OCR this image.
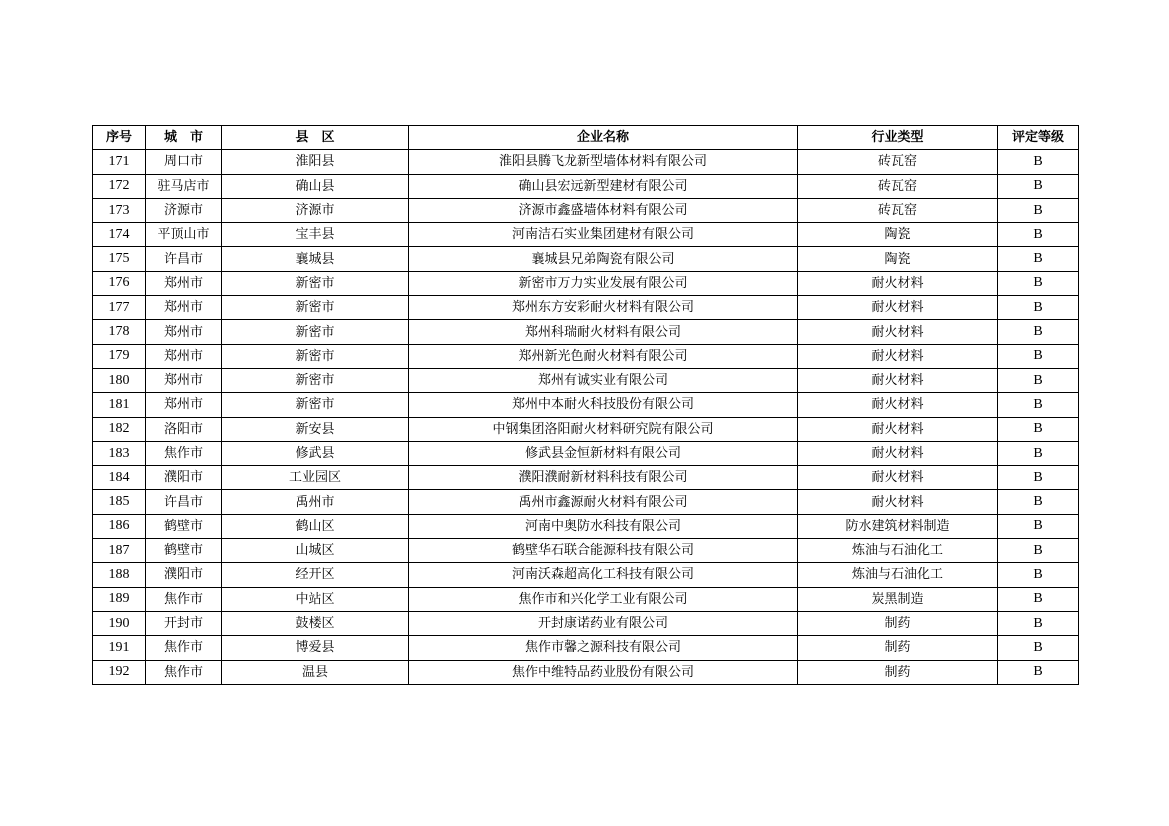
序号	城　市	县　区	企业名称	行业类型	评定等级
171	周口市	淮阳县	淮阳县腾飞龙新型墙体材料有限公司	砖瓦窑	B
172	驻马店市	确山县	确山县宏远新型建材有限公司	砖瓦窑	B
173	济源市	济源市	济源市鑫盛墙体材料有限公司	砖瓦窑	B
174	平顶山市	宝丰县	河南洁石实业集团建材有限公司	陶瓷	B
175	许昌市	襄城县	襄城县兄弟陶瓷有限公司	陶瓷	B
176	郑州市	新密市	新密市万力实业发展有限公司	耐火材料	B
177	郑州市	新密市	郑州东方安彩耐火材料有限公司	耐火材料	B
178	郑州市	新密市	郑州科瑞耐火材料有限公司	耐火材料	B
179	郑州市	新密市	郑州新光色耐火材料有限公司	耐火材料	B
180	郑州市	新密市	郑州有诚实业有限公司	耐火材料	B
181	郑州市	新密市	郑州中本耐火科技股份有限公司	耐火材料	B
182	洛阳市	新安县	中钢集团洛阳耐火材料研究院有限公司	耐火材料	B
183	焦作市	修武县	修武县金恒新材料有限公司	耐火材料	B
184	濮阳市	工业园区	濮阳濮耐新材料科技有限公司	耐火材料	B
185	许昌市	禹州市	禹州市鑫源耐火材料有限公司	耐火材料	B
186	鹤壁市	鹤山区	河南中奥防水科技有限公司	防水建筑材料制造	B
187	鹤壁市	山城区	鹤壁华石联合能源科技有限公司	炼油与石油化工	B
188	濮阳市	经开区	河南沃森超高化工科技有限公司	炼油与石油化工	B
189	焦作市	中站区	焦作市和兴化学工业有限公司	炭黑制造	B
190	开封市	鼓楼区	开封康诺药业有限公司	制药	B
191	焦作市	博爱县	焦作市馨之源科技有限公司	制药	B
192	焦作市	温县	焦作中维特品药业股份有限公司	制药	B
